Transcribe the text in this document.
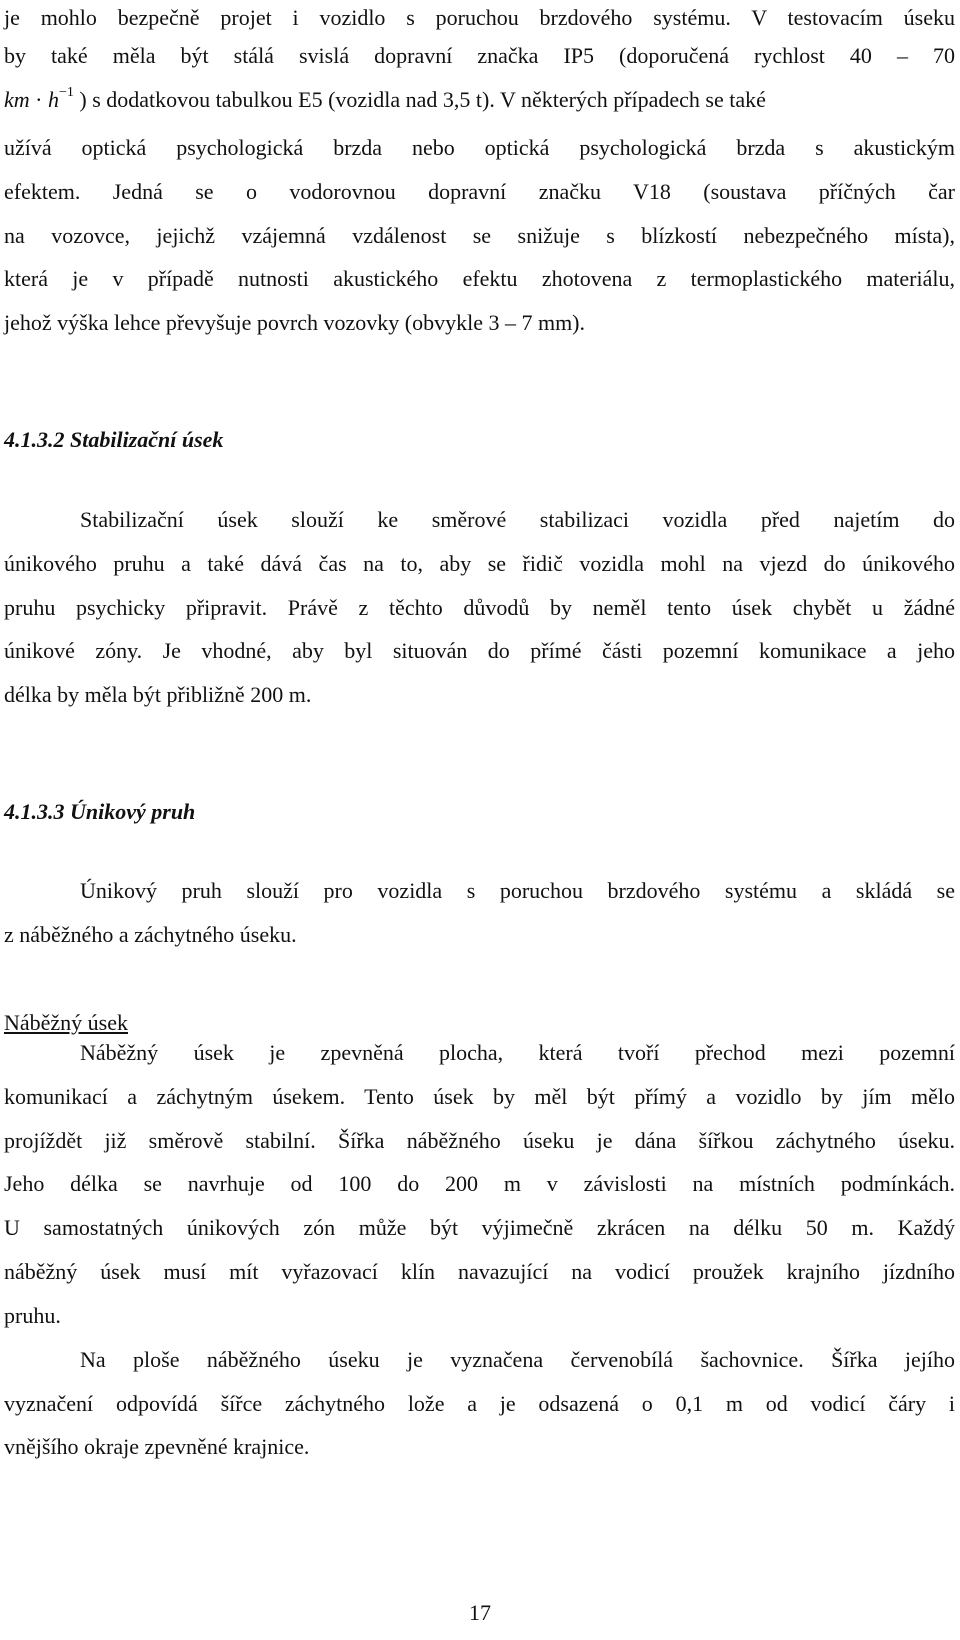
je mohlo bezpečně projet i vozidlo s poruchou brzdového systému. V testovacím úseku
by také měla být stálá svislá dopravní značka IP5 (doporučená rychlost 40 – 70
km · $h^{-1}$ ) s dodatkovou tabulkou E5 (vozidla nad 3,5 t). V některých případech se také
užívá optická psychologická brzda nebo optická psychologická brzda s akustickým
efektem. Jedná se o vodorovnou dopravní značku V18 (soustava příčných čar
na vozovce, jejichž vzájemná vzdálenost se snižuje s blízkostí nebezpečného místa),
která je v případě nutnosti akustického efektu zhotovena z termoplastického materiálu,
jehož výška lehce převyšuje povrch vozovky (obvykle 3 – 7 mm).
4.1.3.2 Stabilizační úsek
Stabilizační úsek slouží ke směrové stabilizaci vozidla před najetím do
únikového pruhu a také dává čas na to, aby se řidič vozidla mohl na vjezd do únikového
pruhu psychicky připravit. Právě z těchto důvodů by neměl tento úsek chybět u žádné
únikové zóny. Je vhodné, aby byl situován do přímé části pozemní komunikace a jeho
délka by měla být přibližně 200 m.
4.1.3.3 Únikový pruh
Únikový pruh slouží pro vozidla s poruchou brzdového systému a skládá se
z náběžného a záchytného úseku.
Náběžný úsek
Náběžný úsek je zpevněná plocha, která tvoří přechod mezi pozemní
komunikací a záchytným úsekem. Tento úsek by měl být přímý a vozidlo by jím mělo
projíždět již směrově stabilní. Šířka náběžného úseku je dána šířkou záchytného úseku.
Jeho délka se navrhuje od 100 do 200 m v závislosti na místních podmínkách.
U samostatných únikových zón může být výjimečně zkrácen na délku 50 m. Každý
náběžný úsek musí mít vyřazovací klín navazující na vodicí proužek krajního jízdního
pruhu.
Na ploše náběžného úseku je vyznačena červenobílá šachovnice. Šířka jejího
vyznačení odpovídá šířce záchytného lože a je odsazená o 0,1 m od vodicí čáry i
vnějšího okraje zpevněné krajnice.
17
